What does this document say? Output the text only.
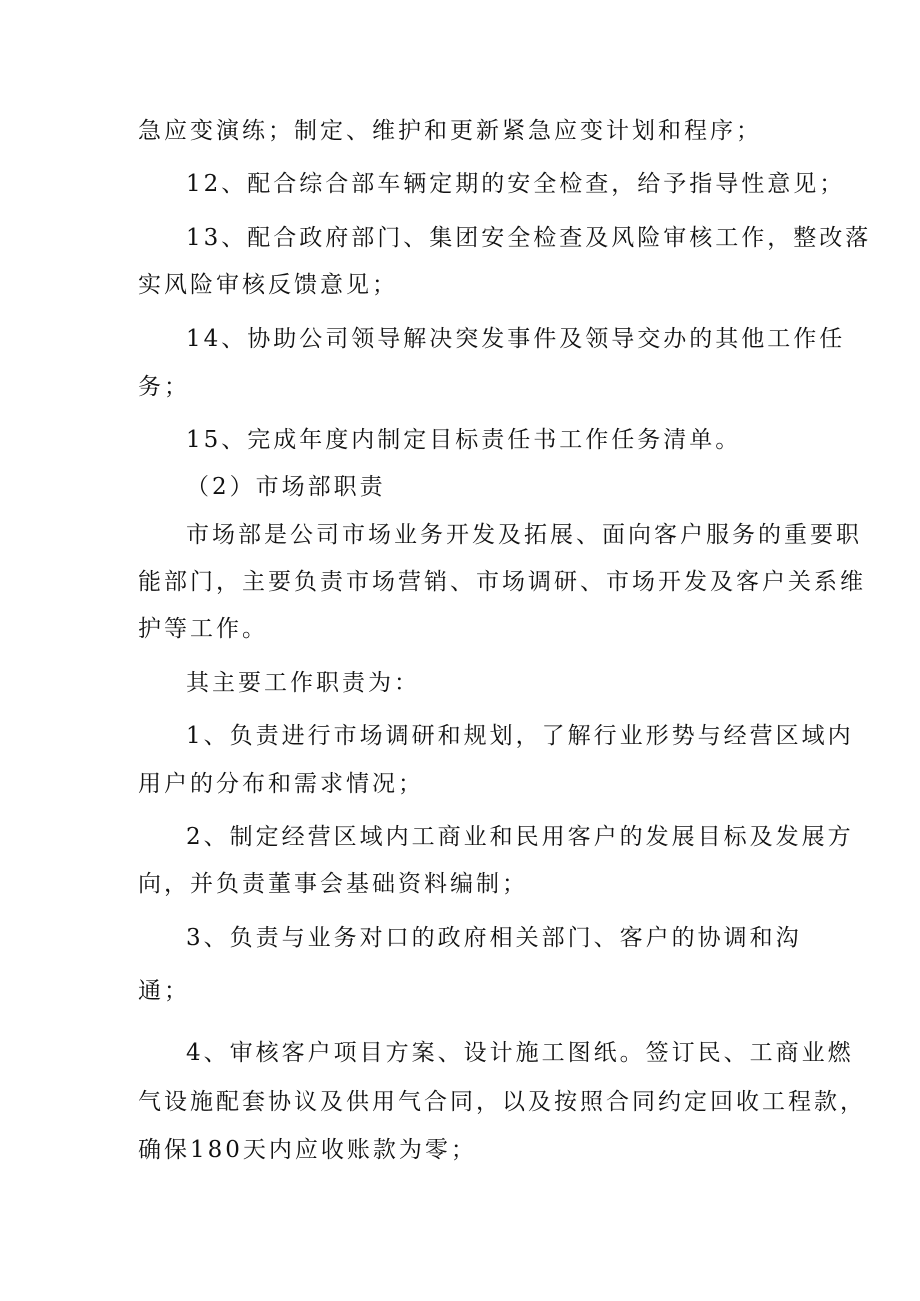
急应变演练；制定、维护和更新紧急应变计划和程序；
12、配合综合部车辆定期的安全检查，给予指导性意见；
13、配合政府部门、集团安全检查及风险审核工作，整改落
实风险审核反馈意见；
14、协助公司领导解决突发事件及领导交办的其他工作任
务；
15、完成年度内制定目标责任书工作任务清单。
（2）市场部职责
市场部是公司市场业务开发及拓展、面向客户服务的重要职
能部门，主要负责市场营销、市场调研、市场开发及客户关系维
护等工作。
其主要工作职责为：
1、负责进行市场调研和规划，了解行业形势与经营区域内
用户的分布和需求情况；
2、制定经营区域内工商业和民用客户的发展目标及发展方
向，并负责董事会基础资料编制；
3、负责与业务对口的政府相关部门、客户的协调和沟
通；
4、审核客户项目方案、设计施工图纸。签订民、工商业燃
气设施配套协议及供用气合同，以及按照合同约定回收工程款，
确保180天内应收账款为零；
